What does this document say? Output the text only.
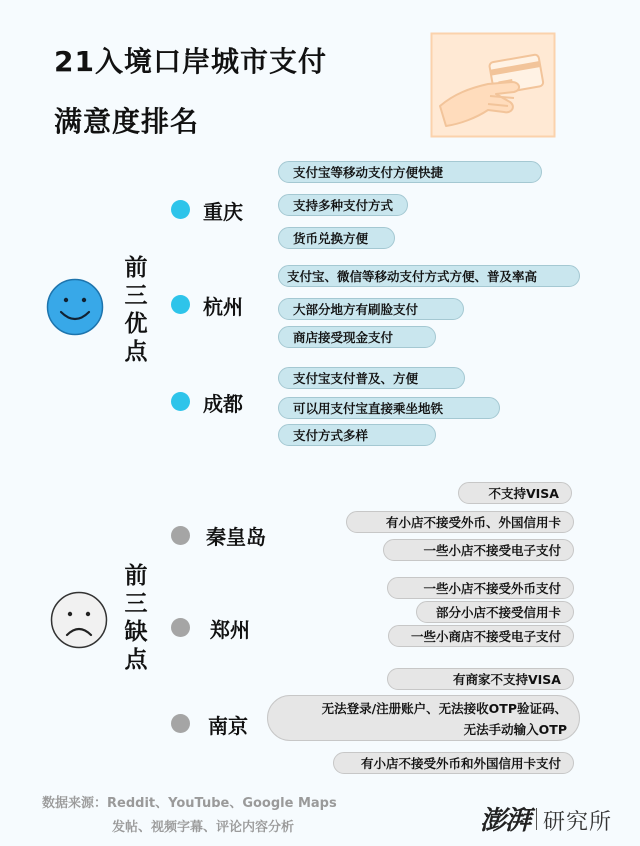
21入境口岸城市支付
满意度排名
前三优点
重庆
支付宝等移动支付方便快捷
支持多种支付方式
货币兑换方便
杭州
支付宝、微信等移动支付方式方便、普及率高
大部分地方有刷脸支付
商店接受现金支付
成都
支付宝支付普及、方便
可以用支付宝直接乘坐地铁
支付方式多样
前三缺点
秦皇岛
不支持VISA
有小店不接受外币、外国信用卡
一些小店不接受电子支付
郑州
一些小店不接受外币支付
部分小店不接受信用卡
一些小商店不接受电子支付
南京
有商家不支持VISA
无法登录/注册账户、无法接收OTP验证码、
无法手动输入OTP
有小店不接受外币和外国信用卡支付
数据来源：Reddit、YouTube、Google Maps
发帖、视频字幕、评论内容分析	澎湃 研究所
